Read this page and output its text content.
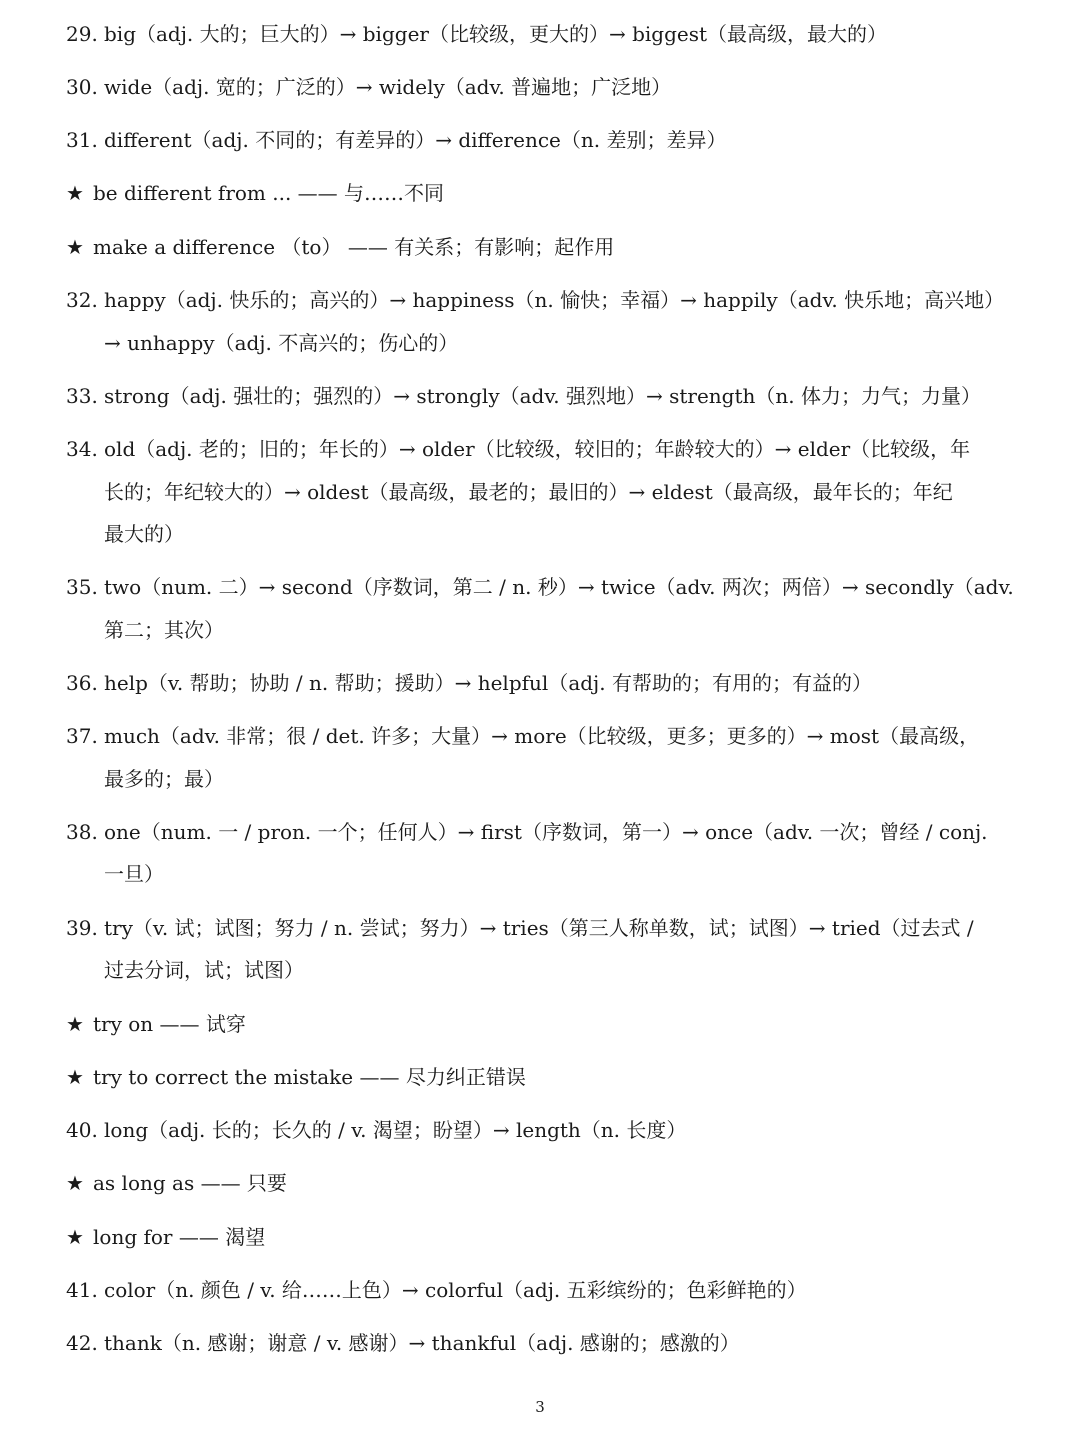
29. big（adj. 大的；巨大的）→ bigger（比较级，更大的）→ biggest（最高级，最大的）
30. wide（adj. 宽的；广泛的）→ widely（adv. 普遍地；广泛地）
31. different（adj. 不同的；有差异的）→ difference（n. 差别；差异）
★ be different from ... —— 与……不同
★ make a difference （to） —— 有关系；有影响；起作用
32. happy（adj. 快乐的；高兴的）→ happiness（n. 愉快；幸福）→ happily（adv. 快乐地；高兴地）
→ unhappy（adj. 不高兴的；伤心的）
33. strong（adj. 强壮的；强烈的）→ strongly（adv. 强烈地）→ strength（n. 体力；力气；力量）
34. old（adj. 老的；旧的；年长的）→ older（比较级，较旧的；年龄较大的）→ elder（比较级，年
长的；年纪较大的）→ oldest（最高级，最老的；最旧的）→ eldest（最高级，最年长的；年纪
最大的）
35. two（num. 二）→ second（序数词，第二 / n. 秒）→ twice（adv. 两次；两倍）→ secondly（adv.
第二；其次）
36. help（v. 帮助；协助 / n. 帮助；援助）→ helpful（adj. 有帮助的；有用的；有益的）
37. much（adv. 非常；很 / det. 许多；大量）→ more（比较级，更多；更多的）→ most（最高级，
最多的；最）
38. one（num. 一 / pron. 一个；任何人）→ first（序数词，第一）→ once（adv. 一次；曾经 / conj.
一旦）
39. try（v. 试；试图；努力 / n. 尝试；努力）→ tries（第三人称单数，试；试图）→ tried（过去式 /
过去分词，试；试图）
★ try on —— 试穿
★ try to correct the mistake —— 尽力纠正错误
40. long（adj. 长的；长久的 / v. 渴望；盼望）→ length（n. 长度）
★ as long as —— 只要
★ long for —— 渴望
41. color（n. 颜色 / v. 给……上色）→ colorful（adj. 五彩缤纷的；色彩鲜艳的）
42. thank（n. 感谢；谢意 / v. 感谢）→ thankful（adj. 感谢的；感激的）
3
